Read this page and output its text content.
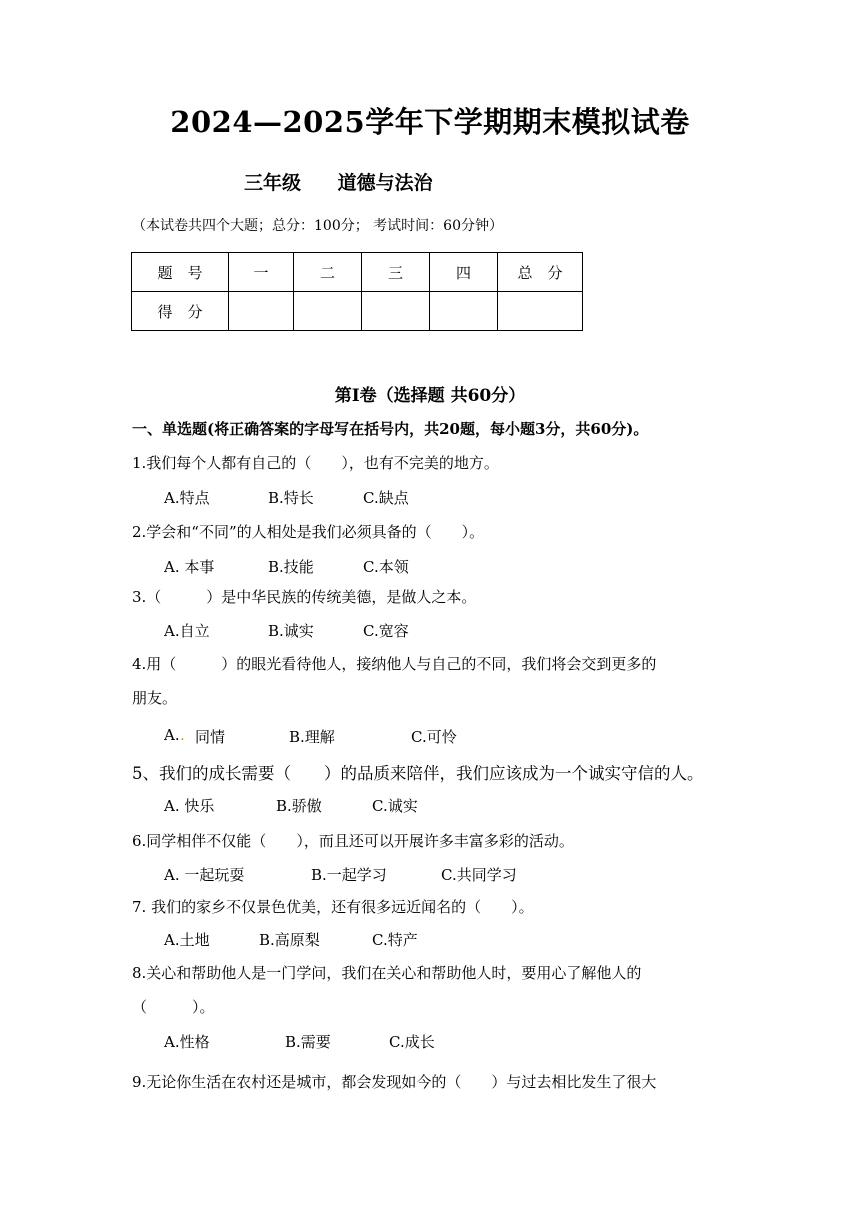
2024—2025学年下学期期末模拟试卷
三年级 道德与法治
（本试卷共四个大题；总分：100分； 考试时间：60分钟）
题　号	一	二	三	四	总　分
得　分					
第Ⅰ卷（选择题 共60分）
一、单选题(将正确答案的字母写在括号内，共20题，每小题3分，共60分)。
1.我们每个人都有自己的（　　），也有不完美的地方。
A.特点	B.特长	C.缺点
2.学会和“不同”的人相处是我们必须具备的（　　）。
A. 本事	B.技能	C.本领
3.（　　　）是中华民族的传统美德，是做人之本。
A.自立	B.诚实	C.宽容
4.用（　　　）的眼光看待他人，接纳他人与自己的不同，我们将会交到更多的
朋友。
A. . 同情	B.理解	C.可怜
5、我们的成长需要（　　）的品质来陪伴，我们应该成为一个诚实守信的人。
A. 快乐	B.骄傲	C.诚实
6.同学相伴不仅能（　　），而且还可以开展许多丰富多彩的活动。
A. 一起玩耍	B.一起学习	C.共同学习
7. 我们的家乡不仅景色优美，还有很多远近闻名的（　　）。
A.土地	B.高原梨	C.特产
8.关心和帮助他人是一门学问，我们在关心和帮助他人时，要用心了解他人的
（　　　）。
A.性格	B.需要	C.成长
9.无论你生活在农村还是城市，都会发现如今的（　　）与过去相比发生了很大
